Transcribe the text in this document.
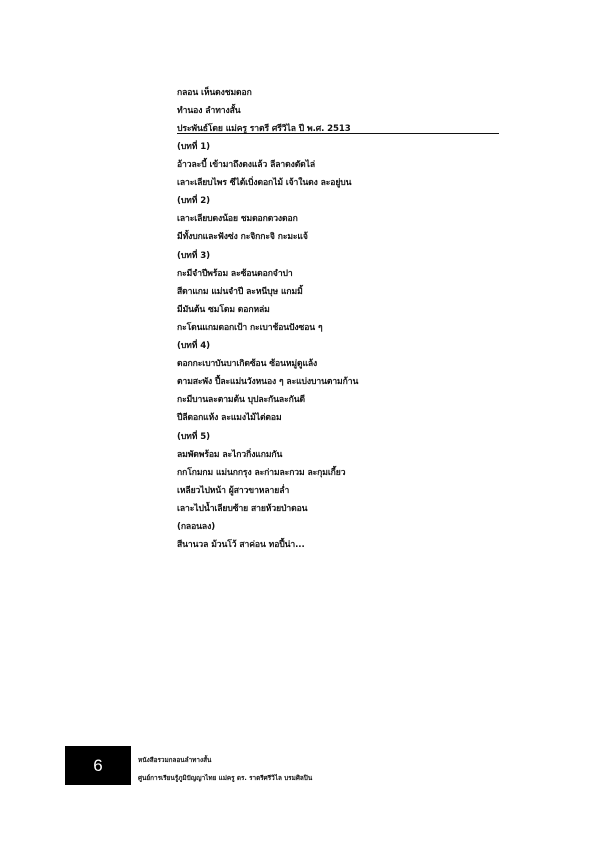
กลอน เห็นดงชมดอก
ทำนอง ลำทางสั้น
ประพันธ์โดย แม่ครู ราตรี ศรีวิไล ปี พ.ศ. 2513
(บทที่ 1)
อ้าวละบี้ เข้ามาถึงดงแล้ว ลีลาดงดัดไล่
เลาะเลียบไพร ซีได้เบิ่งดอกไม้ เจ้าในดง ละอยู่บน
(บทที่ 2)
เลาะเลียบดงน้อย ชมดอกดวงดอก
มีทั้งบกและฟังซ่ง กะจิกกะจิ กะมะแจ้
(บทที่ 3)
กะมีจำปีพร้อม ละซ้อนดอกจำปา
สีดาแกม แม่นจำปี ละหนีบุษ แกมมิ้
มีมันต้น ซมโดม ดอกหล่ม
กะโดนแกมดอกเป้า กะเบาช้อนปังซอน ๆ
(บทที่ 4)
ดอกกะเบาบันบาเกิดซ้อน ซ้อนหมู่ดูแล้ง
ตามสะพัง ปี้ละแม่นวังหนอง ๆ ละแบ่งบานตามก้าน
กะมีบานละตามต้น บุปละกันละกันดี
ปีลีดอกแห้ง ละแมงไม้ไต่ตอม
(บทที่ 5)
ลมพัดพร้อม ละไกวกิ่งแกมกัน
กกโกมกม แม่นกกรุง ละก่ามละกวม ละกุมเกี้ยว
เหลียวไปหน้า ผู้สาวขาหลายล่ำ
เลาะไปน้ำเลียบซ้าย สายห้วยป่าดอน
(กลอนลง)
สีนานวล ม้วนโว้ สาค่อน ทอปี้น่า...
6	หนังสือรวมกลอนลำทางสั้น
ศูนย์การเรียนรู้ภูมิปัญญาไทย แม่ครู ดร. ราตรีศรีวิไล บรมศิลปิน
